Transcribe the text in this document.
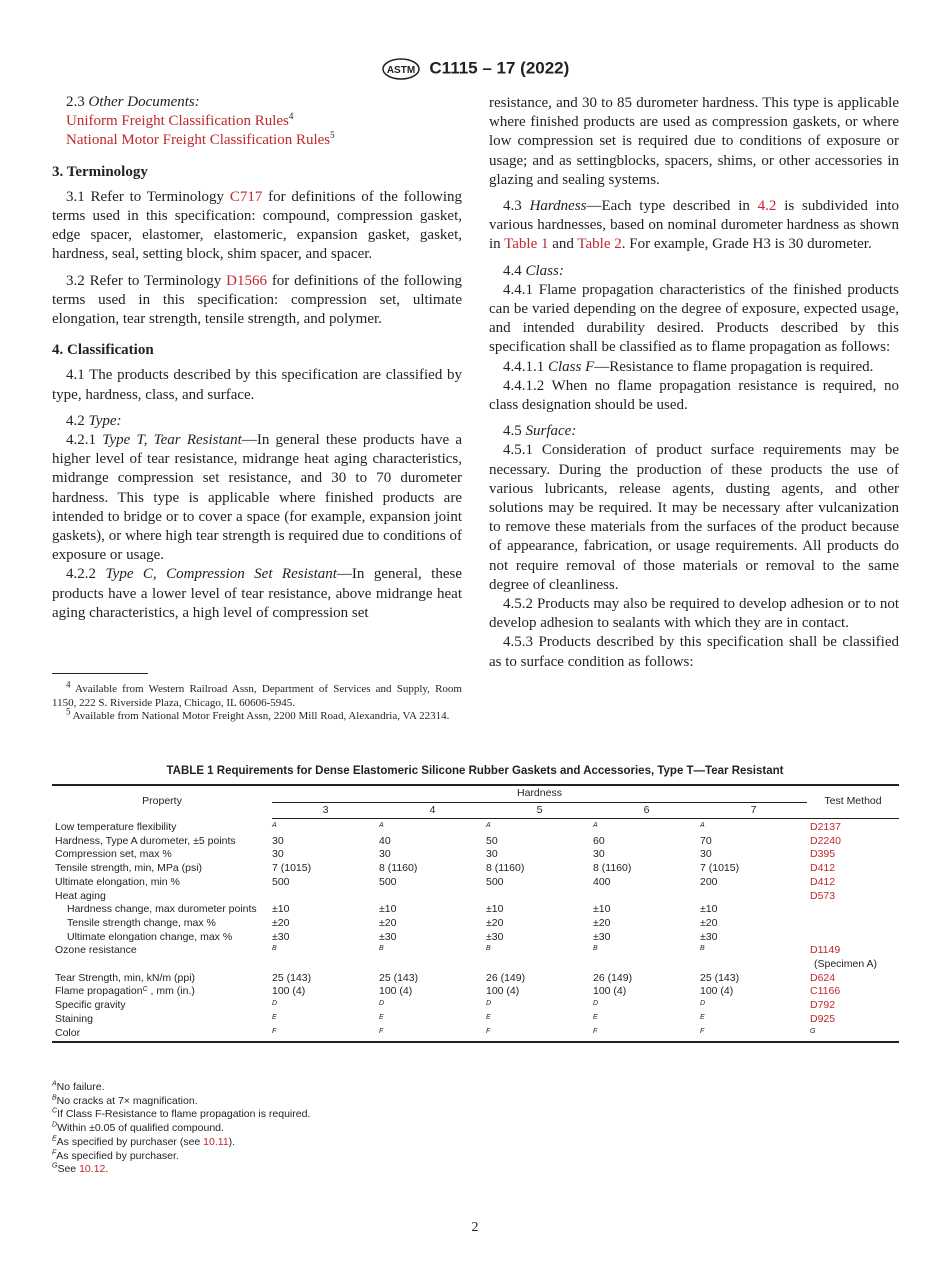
ASTM C1115 – 17 (2022)

2.3 Other Documents:

Uniform Freight Classification Rules$^4$

National Motor Freight Classification Rules$^5$

3. Terminology

3.1 Refer to Terminology C717 for definitions of the following terms used in this specification: compound, compression gasket, edge spacer, elastomer, elastomeric, expansion gasket, gasket, hardness, seal, setting block, shim spacer, and spacer.

3.2 Refer to Terminology D1566 for definitions of the following terms used in this specification: compression set, ultimate elongation, tear strength, tensile strength, and polymer.

4. Classification

4.1 The products described by this specification are classified by type, hardness, class, and surface.

4.2 Type:

4.2.1 Type T, Tear Resistant—In general these products have a higher level of tear resistance, midrange heat aging characteristics, midrange compression set resistance, and 30 to 70 durometer hardness. This type is applicable where finished products are intended to bridge or to cover a space (for example, expansion joint gaskets), or where high tear strength is required due to conditions of exposure or usage.

4.2.2 Type C, Compression Set Resistant—In general, these products have a lower level of tear resistance, above midrange heat aging characteristics, a high level of compression set

resistance, and 30 to 85 durometer hardness. This type is applicable where finished products are used as compression gaskets, or where low compression set is required due to conditions of exposure or usage; and as settingblocks, spacers, shims, or other accessories in glazing and sealing systems.

4.3 Hardness—Each type described in 4.2 is subdivided into various hardnesses, based on nominal durometer hardness as shown in Table 1 and Table 2. For example, Grade H3 is 30 durometer.

4.4 Class:

4.4.1 Flame propagation characteristics of the finished products can be varied depending on the degree of exposure, expected usage, and intended durability desired. Products described by this specification shall be classified as to flame propagation as follows:

4.4.1.1 Class F—Resistance to flame propagation is required.

4.4.1.2 When no flame propagation resistance is required, no class designation should be used.

4.5 Surface:

4.5.1 Consideration of product surface requirements may be necessary. During the production of these products the use of various lubricants, release agents, dusting agents, and other solutions may be required. It may be necessary after vulcanization to remove these materials from the surfaces of the product because of appearance, fabrication, or usage requirements. All products do not require removal of those materials or removal to the same degree of cleanliness.

4.5.2 Products may also be required to develop adhesion or to not develop adhesion to sealants with which they are in contact.

4.5.3 Products described by this specification shall be classified as to surface condition as follows:

$^4$ Available from Western Railroad Assn, Department of Services and Supply, Room 1150, 222 S. Riverside Plaza, Chicago, IL 60606-5945.

$^5$ Available from National Motor Freight Assn, 2200 Mill Road, Alexandria, VA 22314.

TABLE 1 Requirements for Dense Elastomeric Silicone Rubber Gaskets and Accessories, Type T—Tear Resistant
Property	Hardness					Test Method
	3	4	5	6	7	
Low temperature flexibility	$^A$	$^A$	$^A$	$^A$	$^A$	D2137
Hardness, Type A durometer, ±5 points	30	40	50	60	70	D2240
Compression set, max %	30	30	30	30	30	D395
Tensile strength, min, MPa (psi)	7 (1015)	8 (1160)	8 (1160)	8 (1160)	7 (1015)	D412
Ultimate elongation, min %	500	500	500	400	200	D412
Heat aging						D573
Hardness change, max durometer points	±10	±10	±10	±10	±10	
Tensile strength change, max %	±20	±20	±20	±20	±20	
Ultimate elongation change, max %	±30	±30	±30	±30	±30	
Ozone resistance	$^B$	$^B$	$^B$	$^B$	$^B$	D1149
(Specimen A)

Tear Strength, min, kN/m (ppi)	25 (143)	25 (143)	26 (149)	26 (149)	25 (143)	D624
Flame propagation$^C$ , mm (in.)	100 (4)	100 (4)	100 (4)	100 (4)	100 (4)	C1166
Specific gravity	$^D$	$^D$	$^D$	$^D$	$^D$	D792
Staining	$^E$	$^E$	$^E$	$^E$	$^E$	D925
Color	$^F$	$^F$	$^F$	$^F$	$^F$	$^G$
$^A$No failure.
$^B$No cracks at 7× magnification.
$^C$If Class F-Resistance to flame propagation is required.
$^D$Within ±0.05 of qualified compound.
$^E$As specified by purchaser (see 10.11).
$^F$As specified by purchaser.
$^G$See 10.12.
2
